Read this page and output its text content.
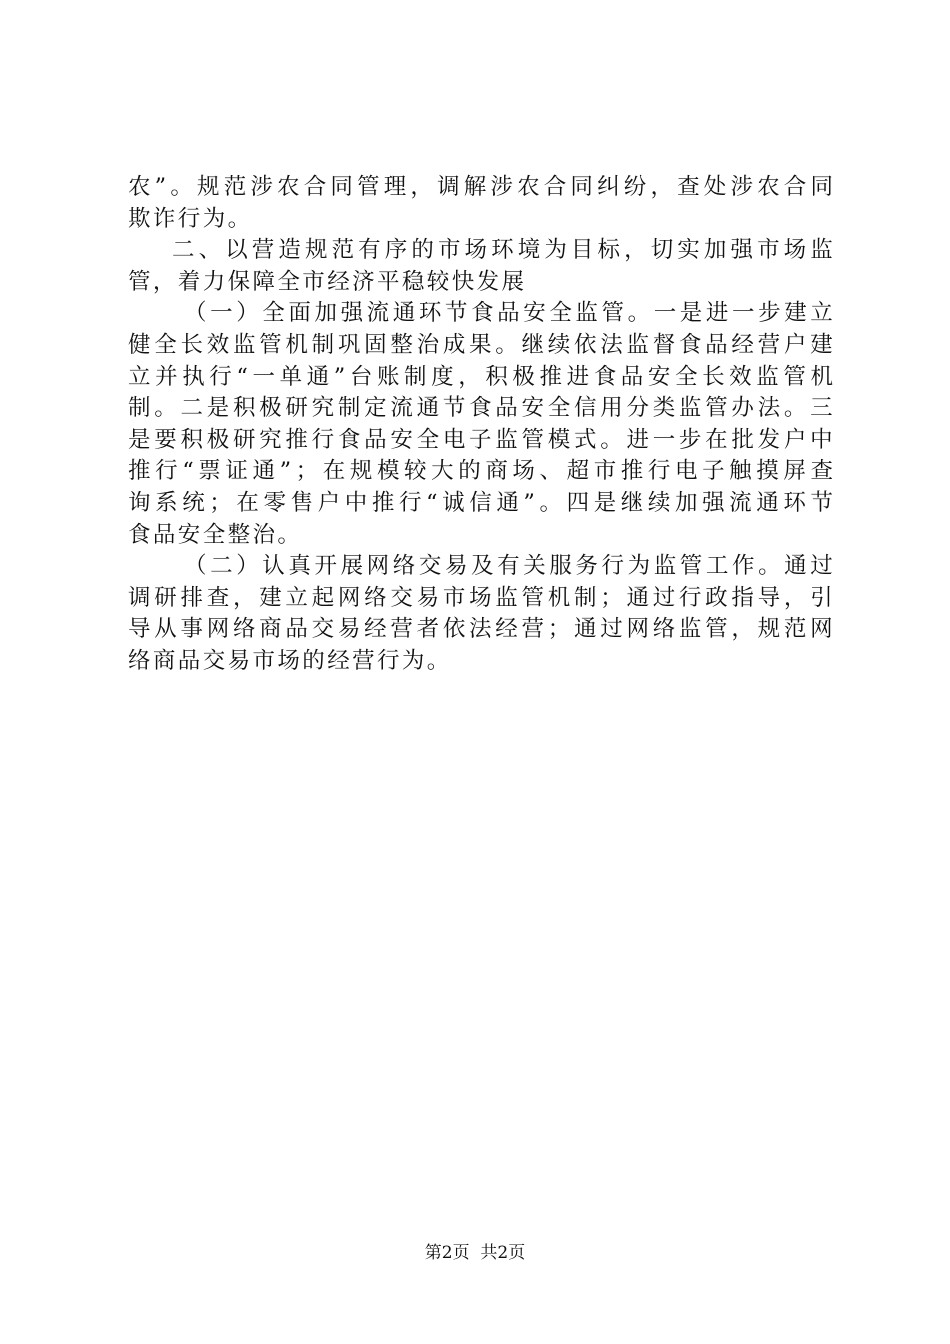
农 ” 。 规 范 涉 农 合 同 管 理 ， 调 解 涉 农 合 同 纠 纷 ， 查 处 涉 农 合 同
欺诈行为。
二 、 以 营 造 规 范 有 序 的 市 场 环 境 为 目 标 ， 切 实 加 强 市 场 监
管，着力保障全市经济平稳较快发展
（ 一 ） 全 面 加 强 流 通 环 节 食 品 安 全 监 管 。 一 是 进 一 步 建 立
健 全 长 效 监 管 机 制 巩 固 整 治 成 果 。 继 续 依 法 监 督 食 品 经 营 户 建
立 并 执 行 “ 一 单 通 ” 台 账 制 度 ， 积 极 推 进 食 品 安 全 长 效 监 管 机
制 。 二 是 积 极 研 究 制 定 流 通 节 食 品 安 全 信 用 分 类 监 管 办 法 。 三
是 要 积 极 研 究 推 行 食 品 安 全 电 子 监 管 模 式 。 进 一 步 在 批 发 户 中
推 行 “ 票 证 通 ” ； 在 规 模 较 大 的 商 场 、 超 市 推 行 电 子 触 摸 屏 查
询 系 统 ； 在 零 售 户 中 推 行 “ 诚 信 通 ” 。 四 是 继 续 加 强 流 通 环 节
食品安全整治。
（ 二 ） 认 真 开 展 网 络 交 易 及 有 关 服 务 行 为 监 管 工 作 。 通 过
调 研 排 查 ， 建 立 起 网 络 交 易 市 场 监 管 机 制 ； 通 过 行 政 指 导 ， 引
导 从 事 网 络 商 品 交 易 经 营 者 依 法 经 营 ； 通 过 网 络 监 管 ， 规 范 网
络商品交易市场的经营行为。
第2页  共2页
